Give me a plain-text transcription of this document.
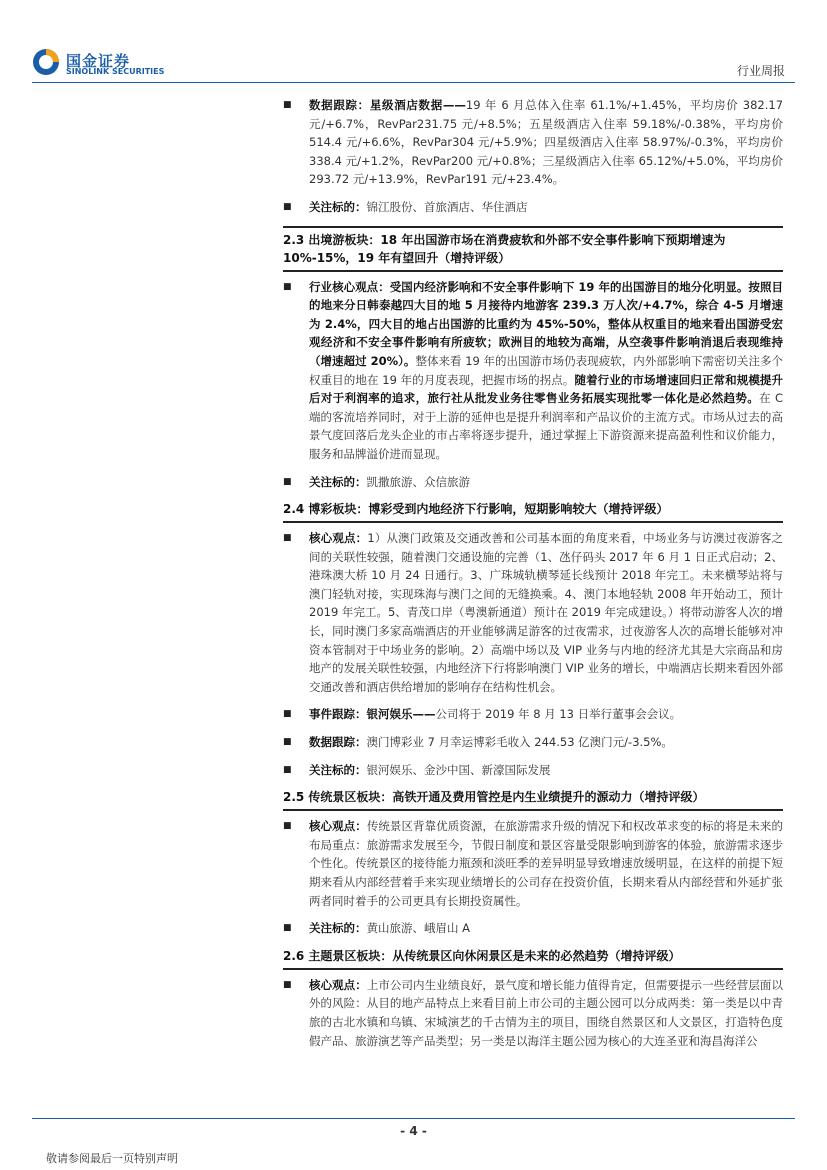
国金证券
SINOLINK SECURITIES	行业周报
■ 数据跟踪：星级酒店数据——19 年 6 月总体入住率 61.1%/+1.45%，平均房价 382.17 元/+6.7%，RevPar231.75 元/+8.5%；五星级酒店入住率 59.18%/-0.38%，平均房价 514.4 元/+6.6%，RevPar304 元/+5.9%；四星级酒店入住率 58.97%/-0.3%，平均房价 338.4 元/+1.2%，RevPar200 元/+0.8%；三星级酒店入住率 65.12%/+5.0%，平均房价 293.72 元/+13.9%，RevPar191 元/+23.4%。
■ 关注标的：锦江股份、首旅酒店、华住酒店
2.3 出境游板块：18 年出国游市场在消费疲软和外部不安全事件影响下预期增速为 10%-15%，19 年有望回升（增持评级）
■ 行业核心观点：受国内经济影响和不安全事件影响下 19 年的出国游目的地分化明显。按照目的地来分日韩泰越四大目的地 5 月接待内地游客 239.3 万人次/+4.7%，综合 4-5 月增速为 2.4%，四大目的地占出国游的比重约为 45%-50%，整体从权重目的地来看出国游受宏观经济和不安全事件影响有所疲软；欧洲目的地较为高端，从空袭事件影响消退后表现维持（增速超过 20%）。整体来看 19 年的出国游市场仍表现疲软，内外部影响下需密切关注多个权重目的地在 19 年的月度表现，把握市场的拐点。随着行业的市场增速回归正常和规模提升后对于利润率的追求，旅行社从批发业务往零售业务拓展实现批零一体化是必然趋势。在 C 端的客流培养同时，对于上游的延伸也是提升利润率和产品议价的主流方式。市场从过去的高景气度回落后龙头企业的市占率将逐步提升，通过掌握上下游资源来提高盈利性和议价能力，服务和品牌溢价进而显现。
■ 关注标的：凯撒旅游、众信旅游
2.4 博彩板块：博彩受到内地经济下行影响，短期影响较大（增持评级）
■ 核心观点：1）从澳门政策及交通改善和公司基本面的角度来看，中场业务与访澳过夜游客之间的关联性较强，随着澳门交通设施的完善（1、氹仔码头 2017 年 6 月 1 日正式启动；2、港珠澳大桥 10 月 24 日通行。3、广珠城轨横琴延长线预计 2018 年完工。未来横琴站将与澳门轻轨对接，实现珠海与澳门之间的无缝换乘。4、澳门本地轻轨 2008 年开始动工，预计 2019 年完工。5、青茂口岸（粤澳新通道）预计在 2019 年完成建设。）将带动游客人次的增长，同时澳门多家高端酒店的开业能够满足游客的过夜需求，过夜游客人次的高增长能够对冲资本管制对于中场业务的影响。2）高端中场以及 VIP 业务与内地的经济尤其是大宗商品和房地产的发展关联性较强，内地经济下行将影响澳门 VIP 业务的增长，中端酒店长期来看因外部交通改善和酒店供给增加的影响存在结构性机会。
■ 事件跟踪：银河娱乐——公司将于 2019 年 8 月 13 日举行董事会会议。
■ 数据跟踪：澳门博彩业 7 月幸运博彩毛收入 244.53 亿澳门元/-3.5%。
■ 关注标的：银河娱乐、金沙中国、新濠国际发展
2.5 传统景区板块：高铁开通及费用管控是内生业绩提升的源动力（增持评级）
■ 核心观点：传统景区背靠优质资源，在旅游需求升级的情况下和权改革求变的标的将是未来的布局重点：旅游需求发展至今，节假日制度和景区容量受限影响到游客的体验，旅游需求逐步个性化。传统景区的接待能力瓶颈和淡旺季的差异明显导致增速放缓明显，在这样的前提下短期来看从内部经营着手来实现业绩增长的公司存在投资价值，长期来看从内部经营和外延扩张两者同时着手的公司更具有长期投资属性。
■ 关注标的：黄山旅游、峨眉山 A
2.6 主题景区板块：从传统景区向休闲景区是未来的必然趋势（增持评级）
■ 核心观点：上市公司内生业绩良好，景气度和增长能力值得肯定，但需要提示一些经营层面以外的风险：从目的地产品特点上来看目前上市公司的主题公园可以分成两类：第一类是以中青旅的古北水镇和乌镇、宋城演艺的千古情为主的项目，围绕自然景区和人文景区，打造特色度假产品、旅游演艺等产品类型；另一类是以海洋主题公园为核心的大连圣亚和海昌海洋公
- 4 -
敬请参阅最后一页特别声明
